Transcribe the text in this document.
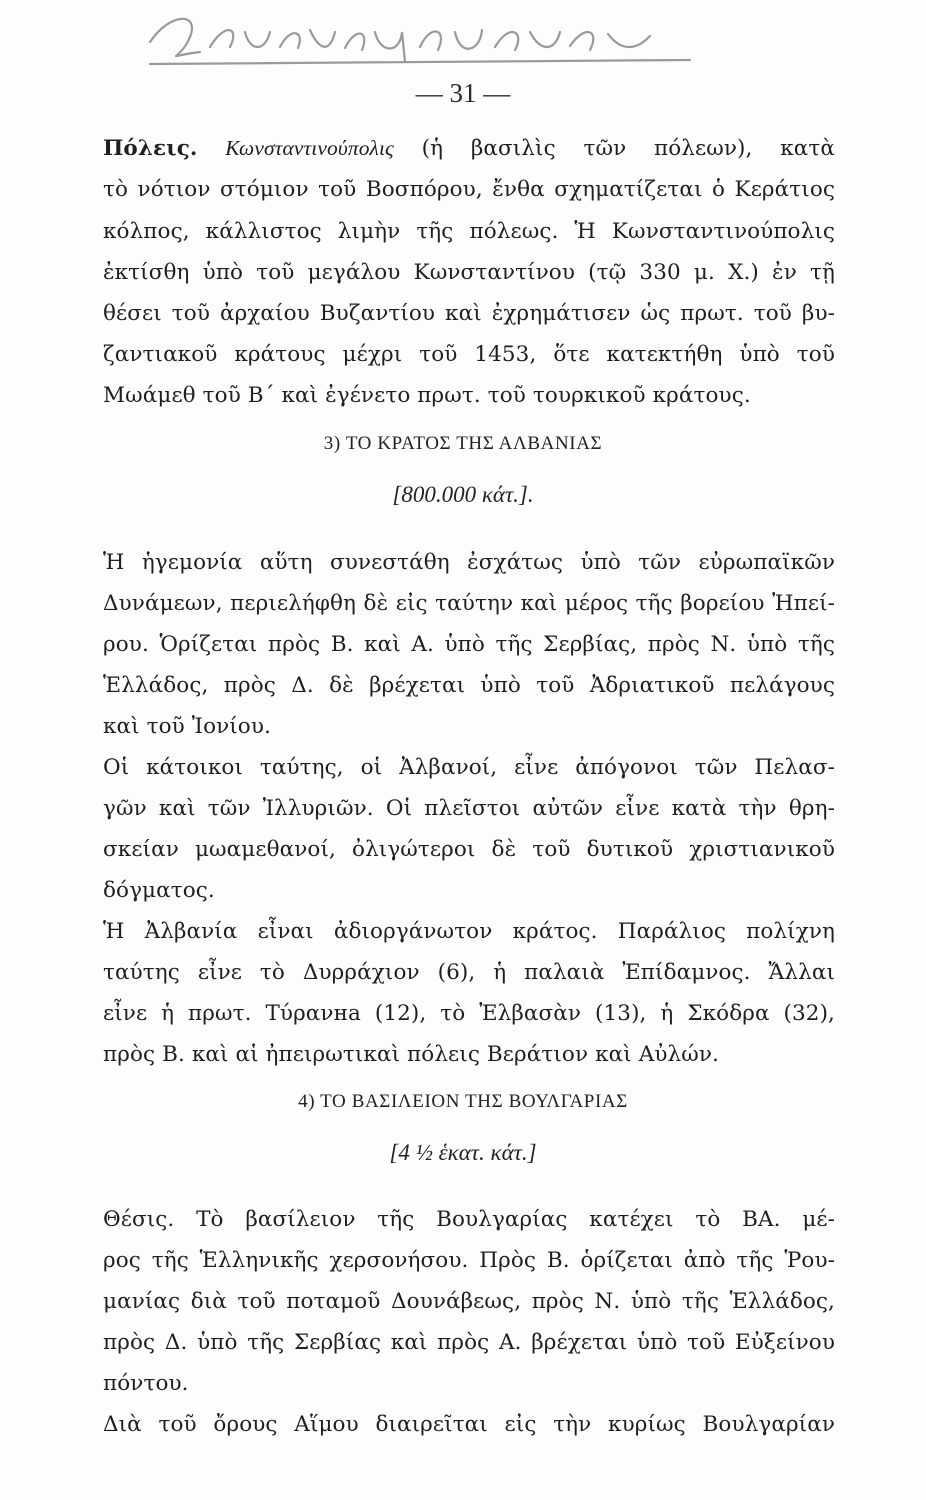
— 31 —
Πόλεις. Κωνσταντινούπολις (ἡ βασιλὶς τῶν πόλεων), κατὰ
τὸ νότιον στόμιον τοῦ Βοσπόρου, ἔνθα σχηματίζεται ὁ Κεράτιος
κόλπος, κάλλιστος λιμὴν τῆς πόλεως. Ἡ Κωνσταντινούπολις
ἐκτίσθη ὑπὸ τοῦ μεγάλου Κωνσταντίνου (τῷ 330 μ. Χ.) ἐν τῇ
θέσει τοῦ ἀρχαίου Βυζαντίου καὶ ἐχρημάτισεν ὡς πρωτ. τοῦ βυ-
ζαντιακοῦ κράτους μέχρι τοῦ 1453, ὅτε κατεκτήθη ὑπὸ τοῦ
Μωάμεθ τοῦ Β΄ καὶ ἐγένετο πρωτ. τοῦ τουρκικοῦ κράτους.
3) ΤΟ ΚΡΑΤΟΣ ΤΗΣ ΑΛΒΑΝΙΑΣ
[800.000 κάτ.].
Ἡ ἡγεμονία αὕτη συνεστάθη ἐσχάτως ὑπὸ τῶν εὐρωπαϊκῶν
Δυνάμεων, περιελήφθη δὲ εἰς ταύτην καὶ μέρος τῆς βορείου Ἠπεί-
ρου. Ὁρίζεται πρὸς Β. καὶ Α. ὑπὸ τῆς Σερβίας, πρὸς Ν. ὑπὸ τῆς
Ἑλλάδος, πρὸς Δ. δὲ βρέχεται ὑπὸ τοῦ Ἀδριατικοῦ πελάγους
καὶ τοῦ Ἰονίου.
Οἱ κάτοικοι ταύτης, οἱ Ἀλβανοί, εἶνε ἀπόγονοι τῶν Πελασ-
γῶν καὶ τῶν Ἰλλυριῶν. Οἱ πλεῖστοι αὐτῶν εἶνε κατὰ τὴν θρη-
σκείαν μωαμεθανοί, ὀλιγώτεροι δὲ τοῦ δυτικοῦ χριστιανικοῦ
δόγματος.
Ἡ Ἀλβανία εἶναι ἀδιοργάνωτον κράτος. Παράλιος πολίχνη
ταύτης εἶνε τὸ Δυρράχιον (6), ἡ παλαιὰ Ἐπίδαμνος. Ἄλλαι
εἶνε ἡ πρωτ. Τύρανна (12), τὸ Ἐλβασὰν (13), ἡ Σκόδρα (32),
πρὸς Β. καὶ αἱ ἠπειρωτικαὶ πόλεις Βεράτιον καὶ Αὐλών.
4) ΤΟ ΒΑΣΙΛΕΙΟΝ ΤΗΣ ΒΟΥΛΓΑΡΙΑΣ
[4 ½ ἑκατ. κάτ.]
Θέσις. Τὸ βασίλειον τῆς Βουλγαρίας κατέχει τὸ ΒΑ. μέ-
ρος τῆς Ἑλληνικῆς χερσονήσου. Πρὸς Β. ὁρίζεται ἀπὸ τῆς Ῥου-
μανίας διὰ τοῦ ποταμοῦ Δουνάβεως, πρὸς Ν. ὑπὸ τῆς Ἑλλάδος,
πρὸς Δ. ὑπὸ τῆς Σερβίας καὶ πρὸς Α. βρέχεται ὑπὸ τοῦ Εὐξείνου
πόντου.
Διὰ τοῦ ὄρους Αἵμου διαιρεῖται εἰς τὴν κυρίως Βουλγαρίαν
